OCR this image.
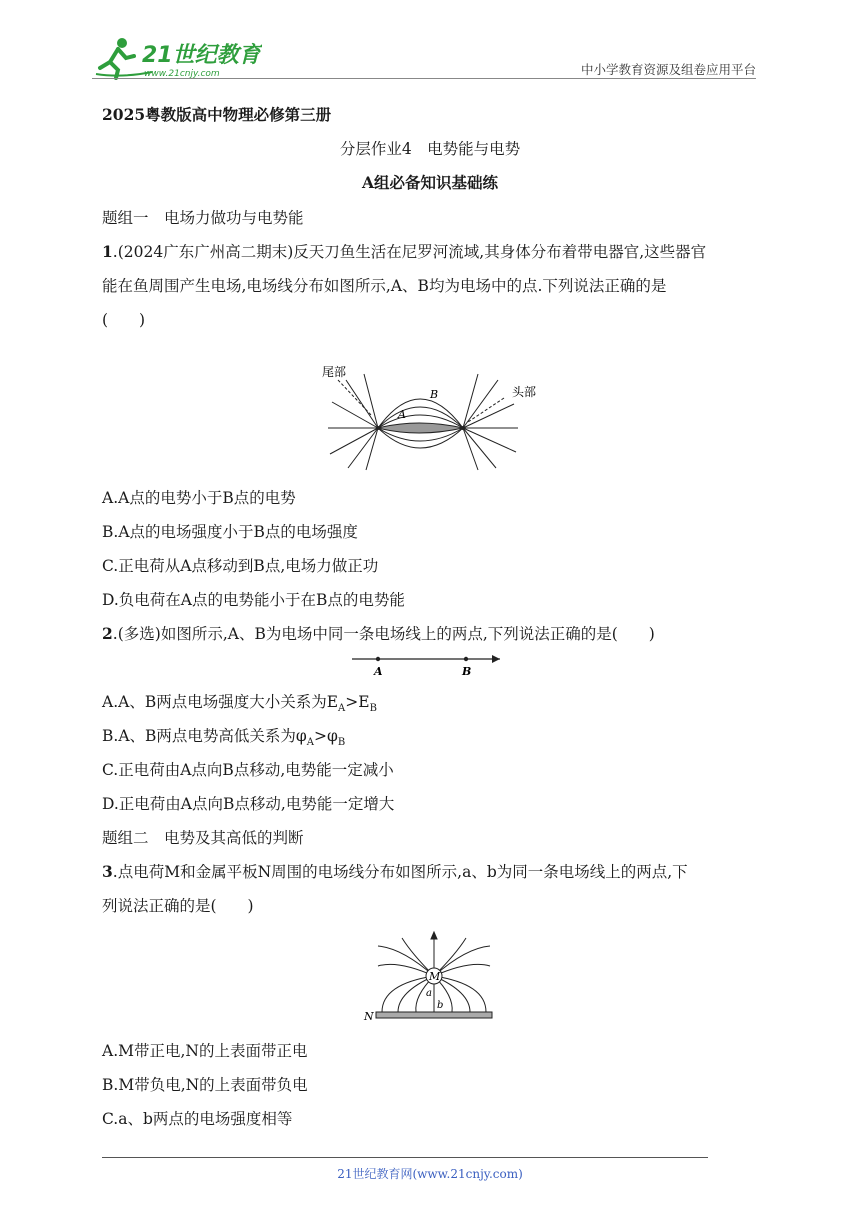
21世纪教育
www.21cnjy.com	中小学教育资源及组卷应用平台
2025粤教版高中物理必修第三册
分层作业4　电势能与电势
A组必备知识基础练
题组一　电场力做功与电势能
1.(2024广东广州高二期末)反天刀鱼生活在尼罗河流域,其身体分布着带电器官,这些器官
能在鱼周围产生电场,电场线分布如图所示,A、B均为电场中的点.下列说法正确的是
(　　)
尾部
头部
A
B
A.A点的电势小于B点的电势
B.A点的电场强度小于B点的电场强度
C.正电荷从A点移动到B点,电场力做正功
D.负电荷在A点的电势能小于在B点的电势能
2.(多选)如图所示,A、B为电场中同一条电场线上的两点,下列说法正确的是(　　)
A	B
A.A、B两点电场强度大小关系为$E_A>E_B$
B.A、B两点电势高低关系为$\varphi_A>\varphi_B$
C.正电荷由A点向B点移动,电势能一定减小
D.正电荷由A点向B点移动,电势能一定增大
题组二　电势及其高低的判断
3.点电荷M和金属平板N周围的电场线分布如图所示,a、b为同一条电场线上的两点,下
列说法正确的是(　　)
M
a
b
N
A.M带正电,N的上表面带正电
B.M带负电,N的上表面带负电
C.a、b两点的电场强度相等
21世纪教育网(www.21cnjy.com)
